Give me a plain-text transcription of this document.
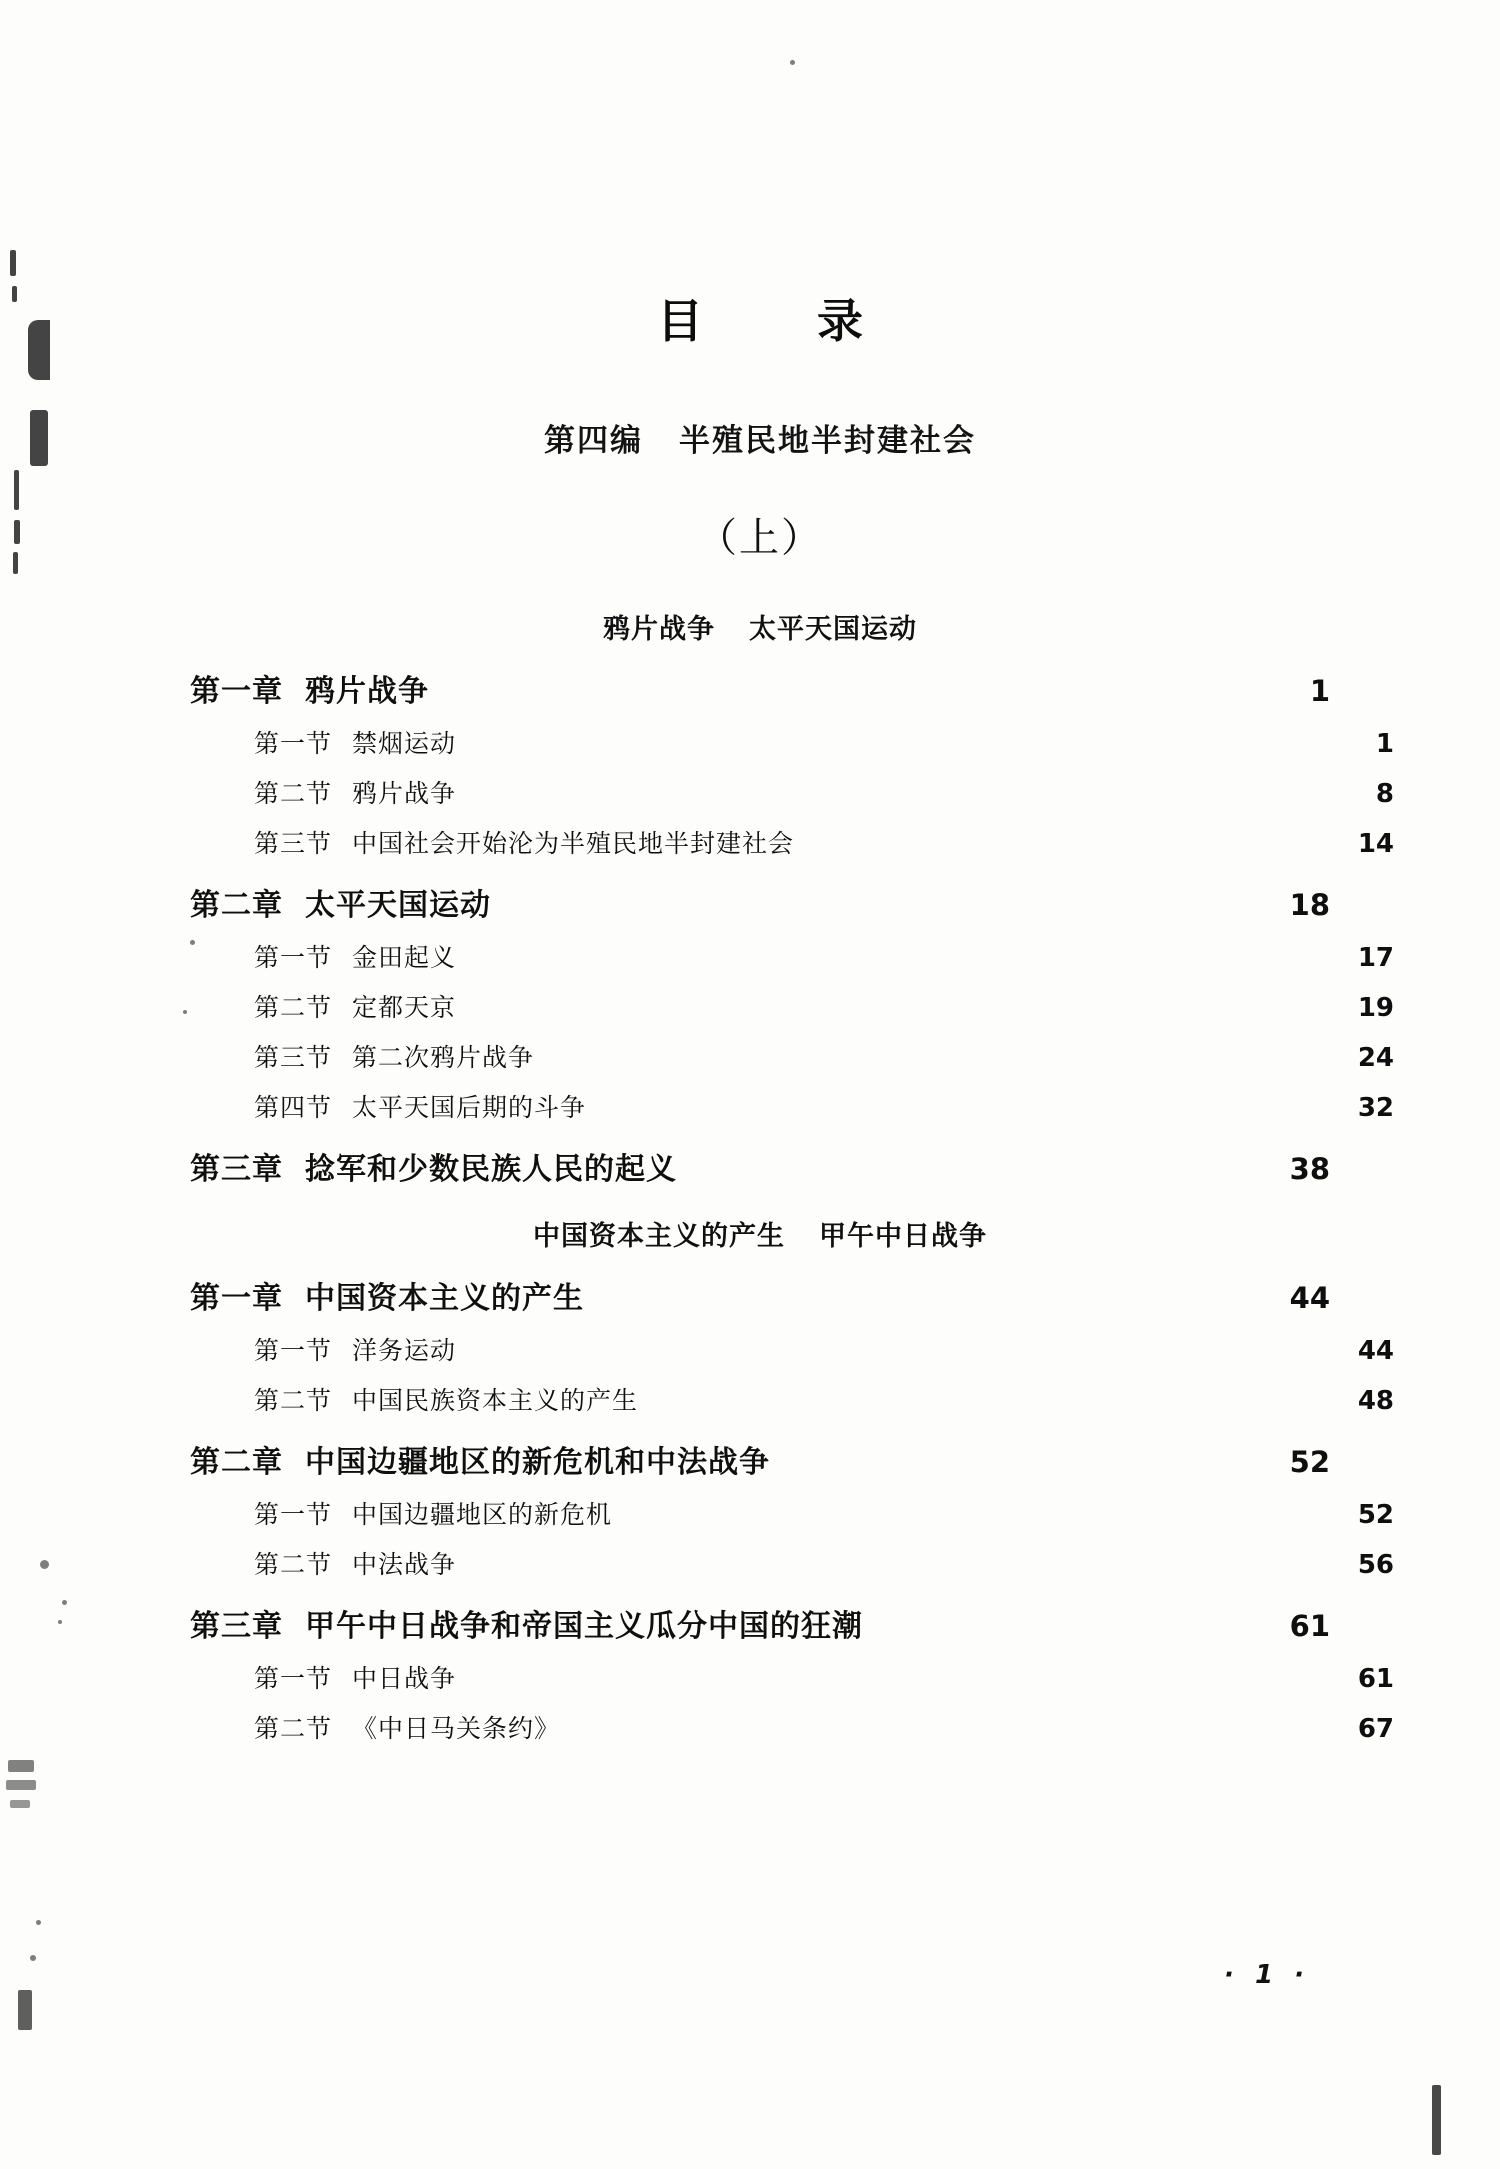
目　录
第四编 半殖民地半封建社会
（上）
鸦片战争 太平天国运动
第一章 鸦片战争 ·····	1
第一节 禁烟运动 ·····	1
第二节 鸦片战争 ·····	8
第三节 中国社会开始沦为半殖民地半封建社会 ·····	14
第二章 太平天国运动 ·····	18
第一节 金田起义 ·····	17
第二节 定都天京 ·····	19
第三节 第二次鸦片战争 ·····	24
第四节 太平天国后期的斗争 ·····	32
第三章 捻军和少数民族人民的起义 ·····	38
中国资本主义的产生 甲午中日战争
第一章 中国资本主义的产生 ·····	44
第一节 洋务运动 ·····	44
第二节 中国民族资本主义的产生 ·····	48
第二章 中国边疆地区的新危机和中法战争 ·····	52
第一节 中国边疆地区的新危机 ·····	52
第二节 中法战争 ·····	56
第三章 甲午中日战争和帝国主义瓜分中国的狂潮 ·····	61
第一节 中日战争 ·····	61
第二节 《中日马关条约》 ·····	67
· 1 ·
